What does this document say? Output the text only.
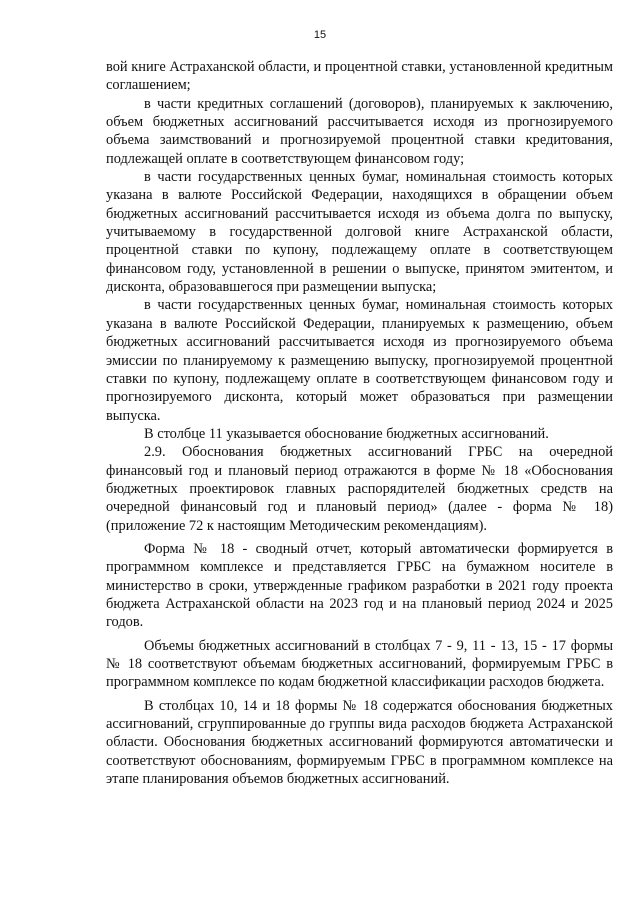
15

вой книге Астраханской области, и процентной ставки, установленной кредитным соглашением;

в части кредитных соглашений (договоров), планируемых к заключению, объем бюджетных ассигнований рассчитывается исходя из прогнозируемого объема заимствований и прогнозируемой процентной ставки кредитования, подлежащей оплате в соответствующем финансовом году;

в части государственных ценных бумаг, номинальная стоимость которых указана в валюте Российской Федерации, находящихся в обращении объем бюджетных ассигнований рассчитывается исходя из объема долга по выпуску, учитываемому в государственной долговой книге Астраханской области, процентной ставки по купону, подлежащему оплате в соответствующем финансовом году, установленной в решении о выпуске, принятом эмитентом, и дисконта, образовавшегося при размещении выпуска;

в части государственных ценных бумаг, номинальная стоимость которых указана в валюте Российской Федерации, планируемых к размещению, объем бюджетных ассигнований рассчитывается исходя из прогнозируемого объема эмиссии по планируемому к размещению выпуску, прогнозируемой процентной ставки по купону, подлежащему оплате в соответствующем финансовом году и прогнозируемого дисконта, который может образоваться при размещении выпуска.

В столбце 11 указывается обоснование бюджетных ассигнований.

2.9. Обоснования бюджетных ассигнований ГРБС на очередной финансовый год и плановый период отражаются в форме № 18 «Обоснования бюджетных проектировок главных распорядителей бюджетных средств на очередной финансовый год и плановый период» (далее - форма № 18) (приложение 72 к настоящим Методическим рекомендациям).

Форма № 18 - сводный отчет, который автоматически формируется в программном комплексе и представляется ГРБС на бумажном носителе в министерство в сроки, утвержденные графиком разработки в 2021 году проекта бюджета Астраханской области на 2023 год и на плановый период 2024 и 2025 годов.

Объемы бюджетных ассигнований в столбцах 7 - 9, 11 - 13, 15 - 17 формы № 18 соответствуют объемам бюджетных ассигнований, формируемым ГРБС в программном комплексе по кодам бюджетной классификации расходов бюджета.

В столбцах 10, 14 и 18 формы № 18 содержатся обоснования бюджетных ассигнований, сгруппированные до группы вида расходов бюджета Астраханской области. Обоснования бюджетных ассигнований формируются автоматически и соответствуют обоснованиям, формируемым ГРБС в программном комплексе на этапе планирования объемов бюджетных ассигнований.
